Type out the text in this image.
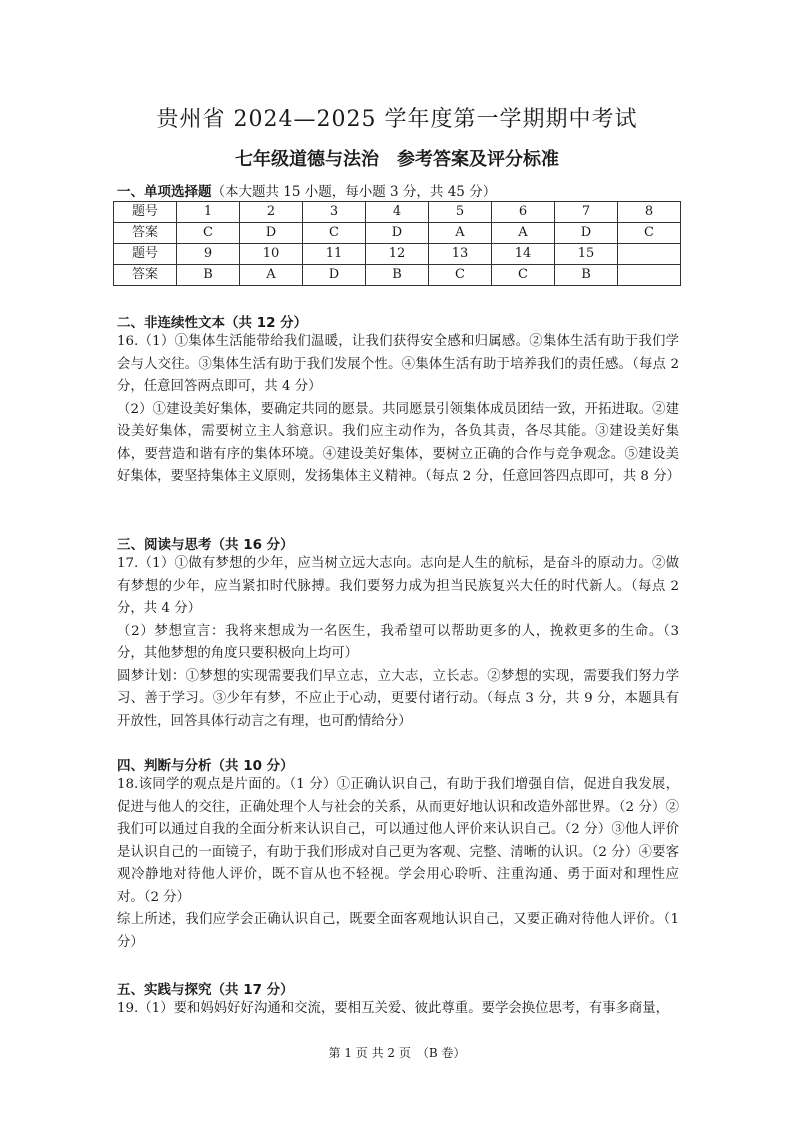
贵州省 2024—2025 学年度第一学期期中考试
七年级道德与法治　参考答案及评分标准
一、单项选择题（本大题共 15 小题，每小题 3 分，共 45 分）
题号	1	2	3	4	5	6	7	8
答案	C	D	C	D	A	A	D	C
题号	9	10	11	12	13	14	15	
答案	B	A	D	B	C	C	B	
二、非连续性文本（共 12 分）

16.（1）①集体生活能带给我们温暖，让我们获得安全感和归属感。②集体生活有助于我们学会与人交往。③集体生活有助于我们发展个性。④集体生活有助于培养我们的责任感。（每点 2 分，任意回答两点即可，共 4 分）

（2）①建设美好集体，要确定共同的愿景。共同愿景引领集体成员团结一致，开拓进取。②建设美好集体，需要树立主人翁意识。我们应主动作为，各负其责，各尽其能。③建设美好集体，要营造和谐有序的集体环境。④建设美好集体，要树立正确的合作与竞争观念。⑤建设美好集体，要坚持集体主义原则，发扬集体主义精神。（每点 2 分，任意回答四点即可，共 8 分）

三、阅读与思考（共 16 分）

17.（1）①做有梦想的少年，应当树立远大志向。志向是人生的航标，是奋斗的原动力。②做有梦想的少年，应当紧扣时代脉搏。我们要努力成为担当民族复兴大任的时代新人。（每点 2 分，共 4 分）

（2）梦想宣言：我将来想成为一名医生，我希望可以帮助更多的人，挽救更多的生命。（3 分，其他梦想的角度只要积极向上均可）

圆梦计划：①梦想的实现需要我们早立志，立大志，立长志。②梦想的实现，需要我们努力学习、善于学习。③少年有梦，不应止于心动，更要付诸行动。（每点 3 分，共 9 分，本题具有开放性，回答具体行动言之有理，也可酌情给分）

四、判断与分析（共 10 分）

18.该同学的观点是片面的。（1 分）①正确认识自己，有助于我们增强自信，促进自我发展，促进与他人的交往，正确处理个人与社会的关系，从而更好地认识和改造外部世界。（2 分）②我们可以通过自我的全面分析来认识自己，可以通过他人评价来认识自己。（2 分）③他人评价是认识自己的一面镜子，有助于我们形成对自己更为客观、完整、清晰的认识。（2 分）④要客观冷静地对待他人评价，既不盲从也不轻视。学会用心聆听、注重沟通、勇于面对和理性应对。（2 分）

综上所述，我们应学会正确认识自己，既要全面客观地认识自己，又要正确对待他人评价。（1 分）

五、实践与探究（共 17 分）

19.（1）要和妈妈好好沟通和交流，要相互关爱、彼此尊重。要学会换位思考，有事多商量，

第 1 页 共 2 页　（B 卷）
